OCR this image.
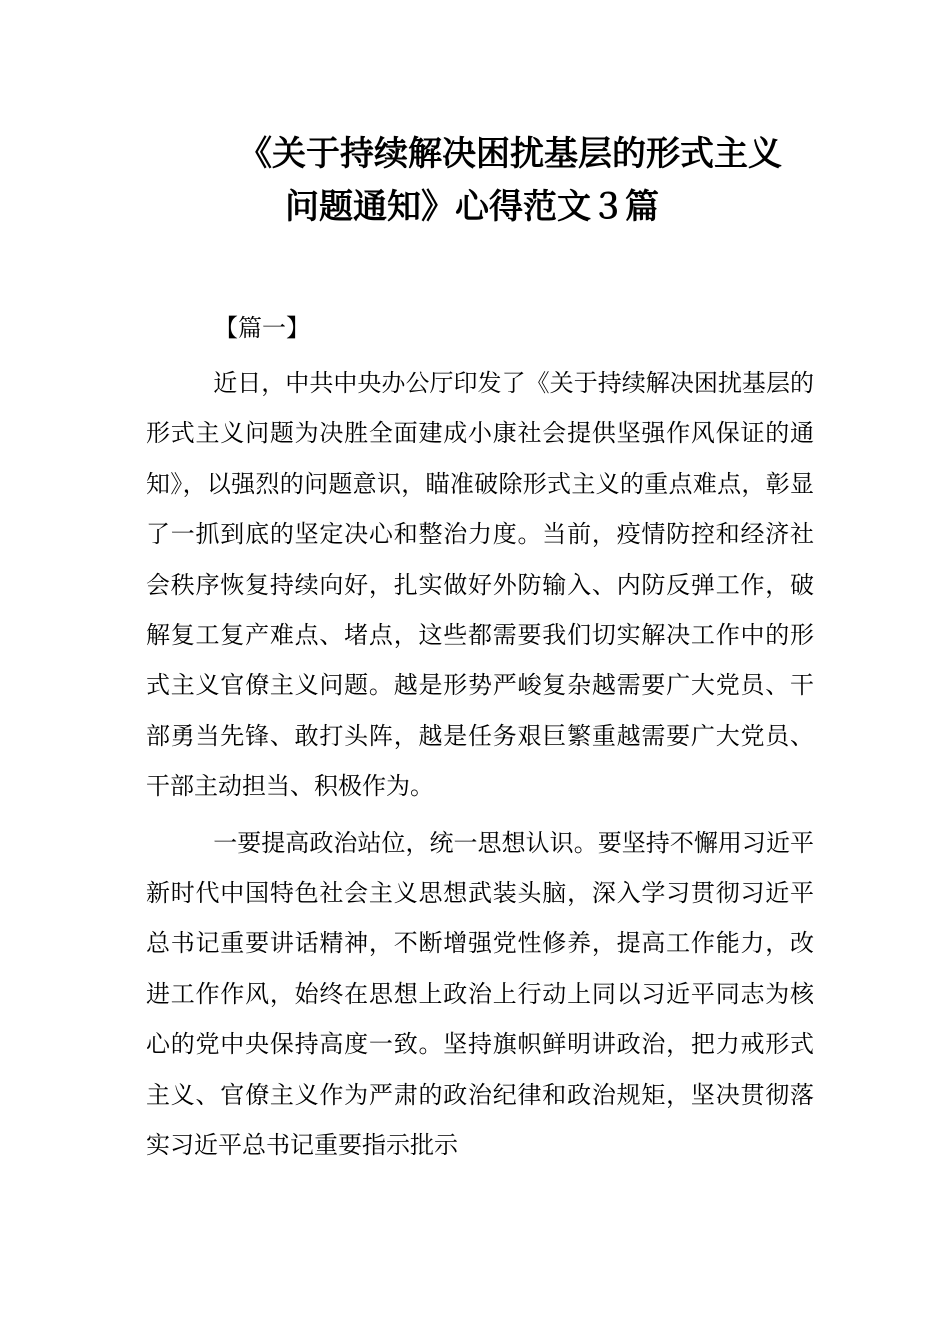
《关于持续解决困扰基层的形式主义
问题通知》心得范文３篇

【篇一】

近日，中共中央办公厅印发了《关于持续解决困扰基层的形式主义问题为决胜全面建成小康社会提供坚强作风保证的通知》，以强烈的问题意识，瞄准破除形式主义的重点难点，彰显了一抓到底的坚定决心和整治力度。当前，疫情防控和经济社会秩序恢复持续向好，扎实做好外防输入、内防反弹工作，破解复工复产难点、堵点，这些都需要我们切实解决工作中的形式主义官僚主义问题。越是形势严峻复杂越需要广大党员、干部勇当先锋、敢打头阵，越是任务艰巨繁重越需要广大党员、干部主动担当、积极作为。

一要提高政治站位，统一思想认识。要坚持不懈用习近平新时代中国特色社会主义思想武装头脑，深入学习贯彻习近平总书记重要讲话精神，不断增强党性修养，提高工作能力，改进工作作风，始终在思想上政治上行动上同以习近平同志为核心的党中央保持高度一致。坚持旗帜鲜明讲政治，把力戒形式主义、官僚主义作为严肃的政治纪律和政治规矩，坚决贯彻落实习近平总书记重要指示批示
